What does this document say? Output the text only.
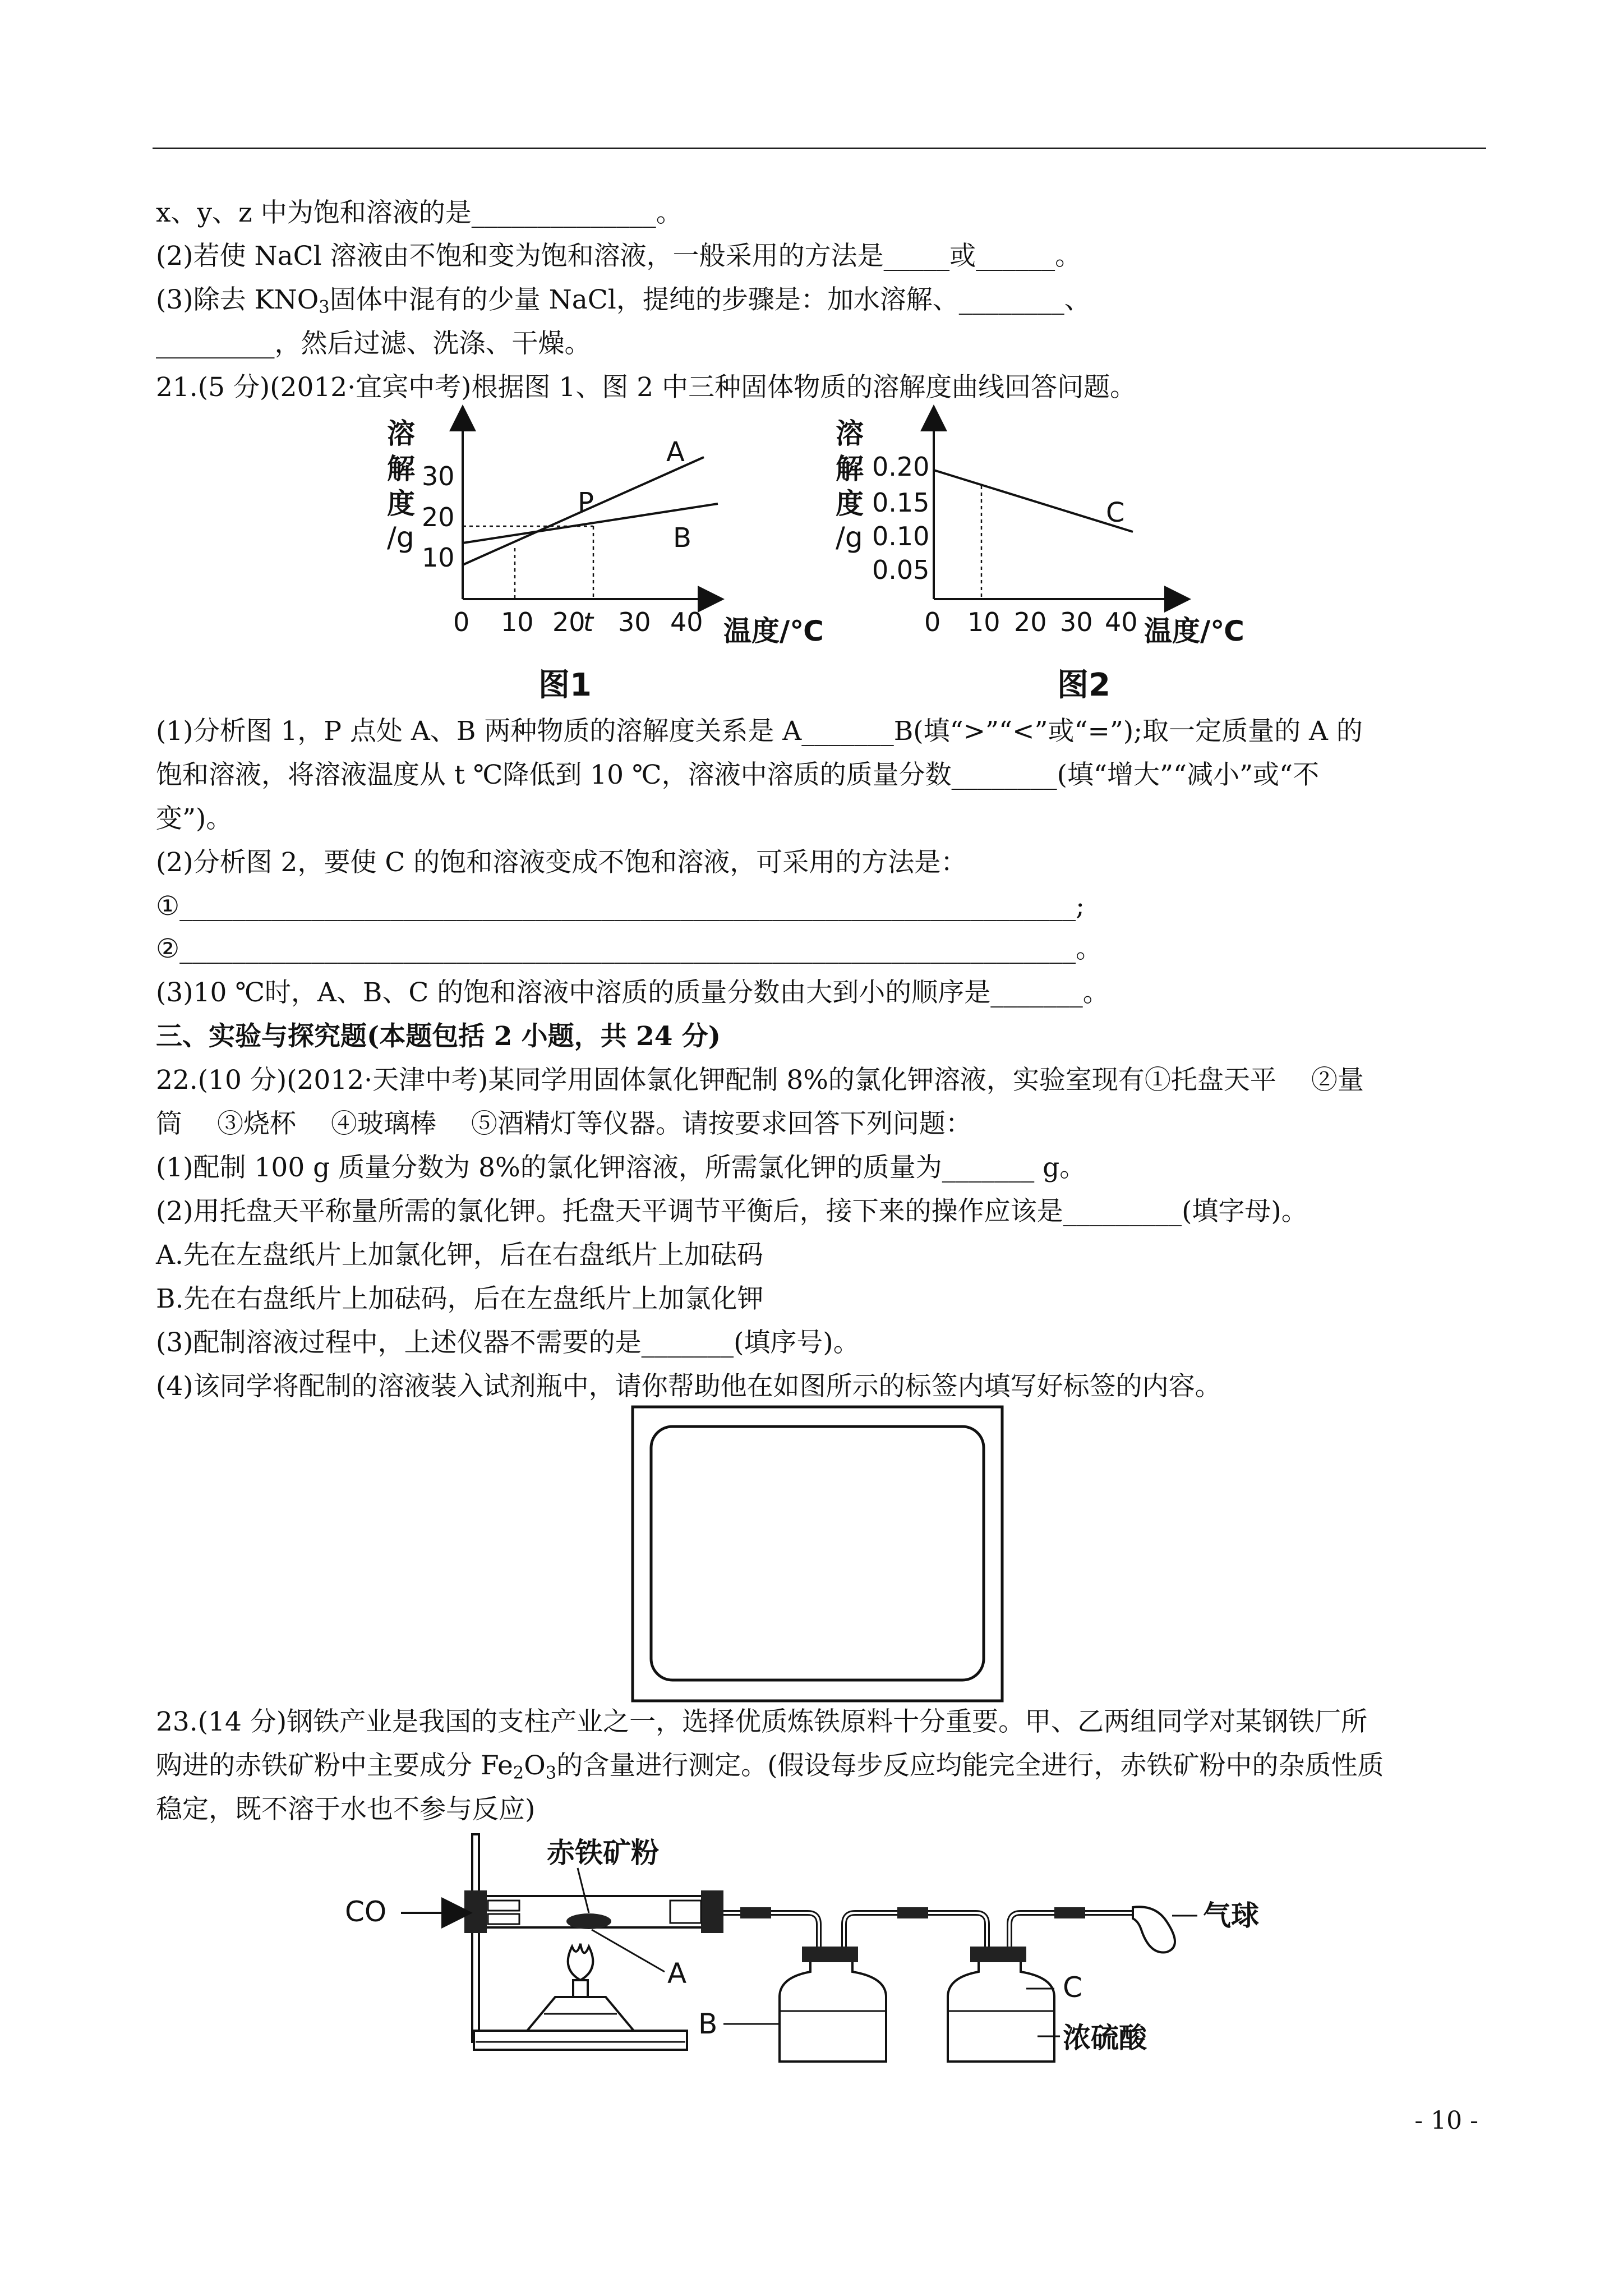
x、y、z 中为饱和溶液的是______________。
(2)若使 NaCl 溶液由不饱和变为饱和溶液，一般采用的方法是_____或______。
(3)除去 $KNO_3$固体中混有的少量 NaCl，提纯的步骤是：加水溶解、________、
_________，然后过滤、洗涤、干燥。
21.(5 分)(2012·宜宾中考)根据图 1、图 2 中三种固体物质的溶解度曲线回答问题。
溶
解
度
/g
30
20
10
0 10 20
t 30 40 温度/℃
A
P
B
图1
溶
解
度
/g
0.20
0.15
0.10
0.05
0 10 20 30 40 温度/℃
C
图2
(1)分析图 1，P 点处 A、B 两种物质的溶解度关系是 A_______B(填“>”“<”或“=”);取一定质量的 A 的
饱和溶液，将溶液温度从 t ℃降低到 10 ℃，溶液中溶质的质量分数________(填“增大”“减小”或“不
变”)。
(2)分析图 2，要使 C 的饱和溶液变成不饱和溶液，可采用的方法是：
①____________________________________________________________________;
②____________________________________________________________________。
(3)10 ℃时，A、B、C 的饱和溶液中溶质的质量分数由大到小的顺序是_______。
三、实验与探究题(本题包括 2 小题，共 24 分)
22.(10 分)(2012·天津中考)某同学用固体氯化钾配制 8%的氯化钾溶液，实验室现有①托盘天平　 ②量
筒　 ③烧杯　 ④玻璃棒　 ⑤酒精灯等仪器。请按要求回答下列问题：
(1)配制 100 g 质量分数为 8%的氯化钾溶液，所需氯化钾的质量为_______ g。
(2)用托盘天平称量所需的氯化钾。托盘天平调节平衡后，接下来的操作应该是_________(填字母)。
A.先在左盘纸片上加氯化钾，后在右盘纸片上加砝码
B.先在右盘纸片上加砝码，后在左盘纸片上加氯化钾
(3)配制溶液过程中，上述仪器不需要的是_______(填序号)。
(4)该同学将配制的溶液装入试剂瓶中，请你帮助他在如图所示的标签内填写好标签的内容。
23.(14 分)钢铁产业是我国的支柱产业之一，选择优质炼铁原料十分重要。甲、乙两组同学对某钢铁厂所
购进的赤铁矿粉中主要成分 $Fe_2O_3$的含量进行测定。(假设每步反应均能完全进行，赤铁矿粉中的杂质性质
稳定，既不溶于水也不参与反应)
CO
赤铁矿粉
A
B
C
浓硫酸
气球
- 10 -
